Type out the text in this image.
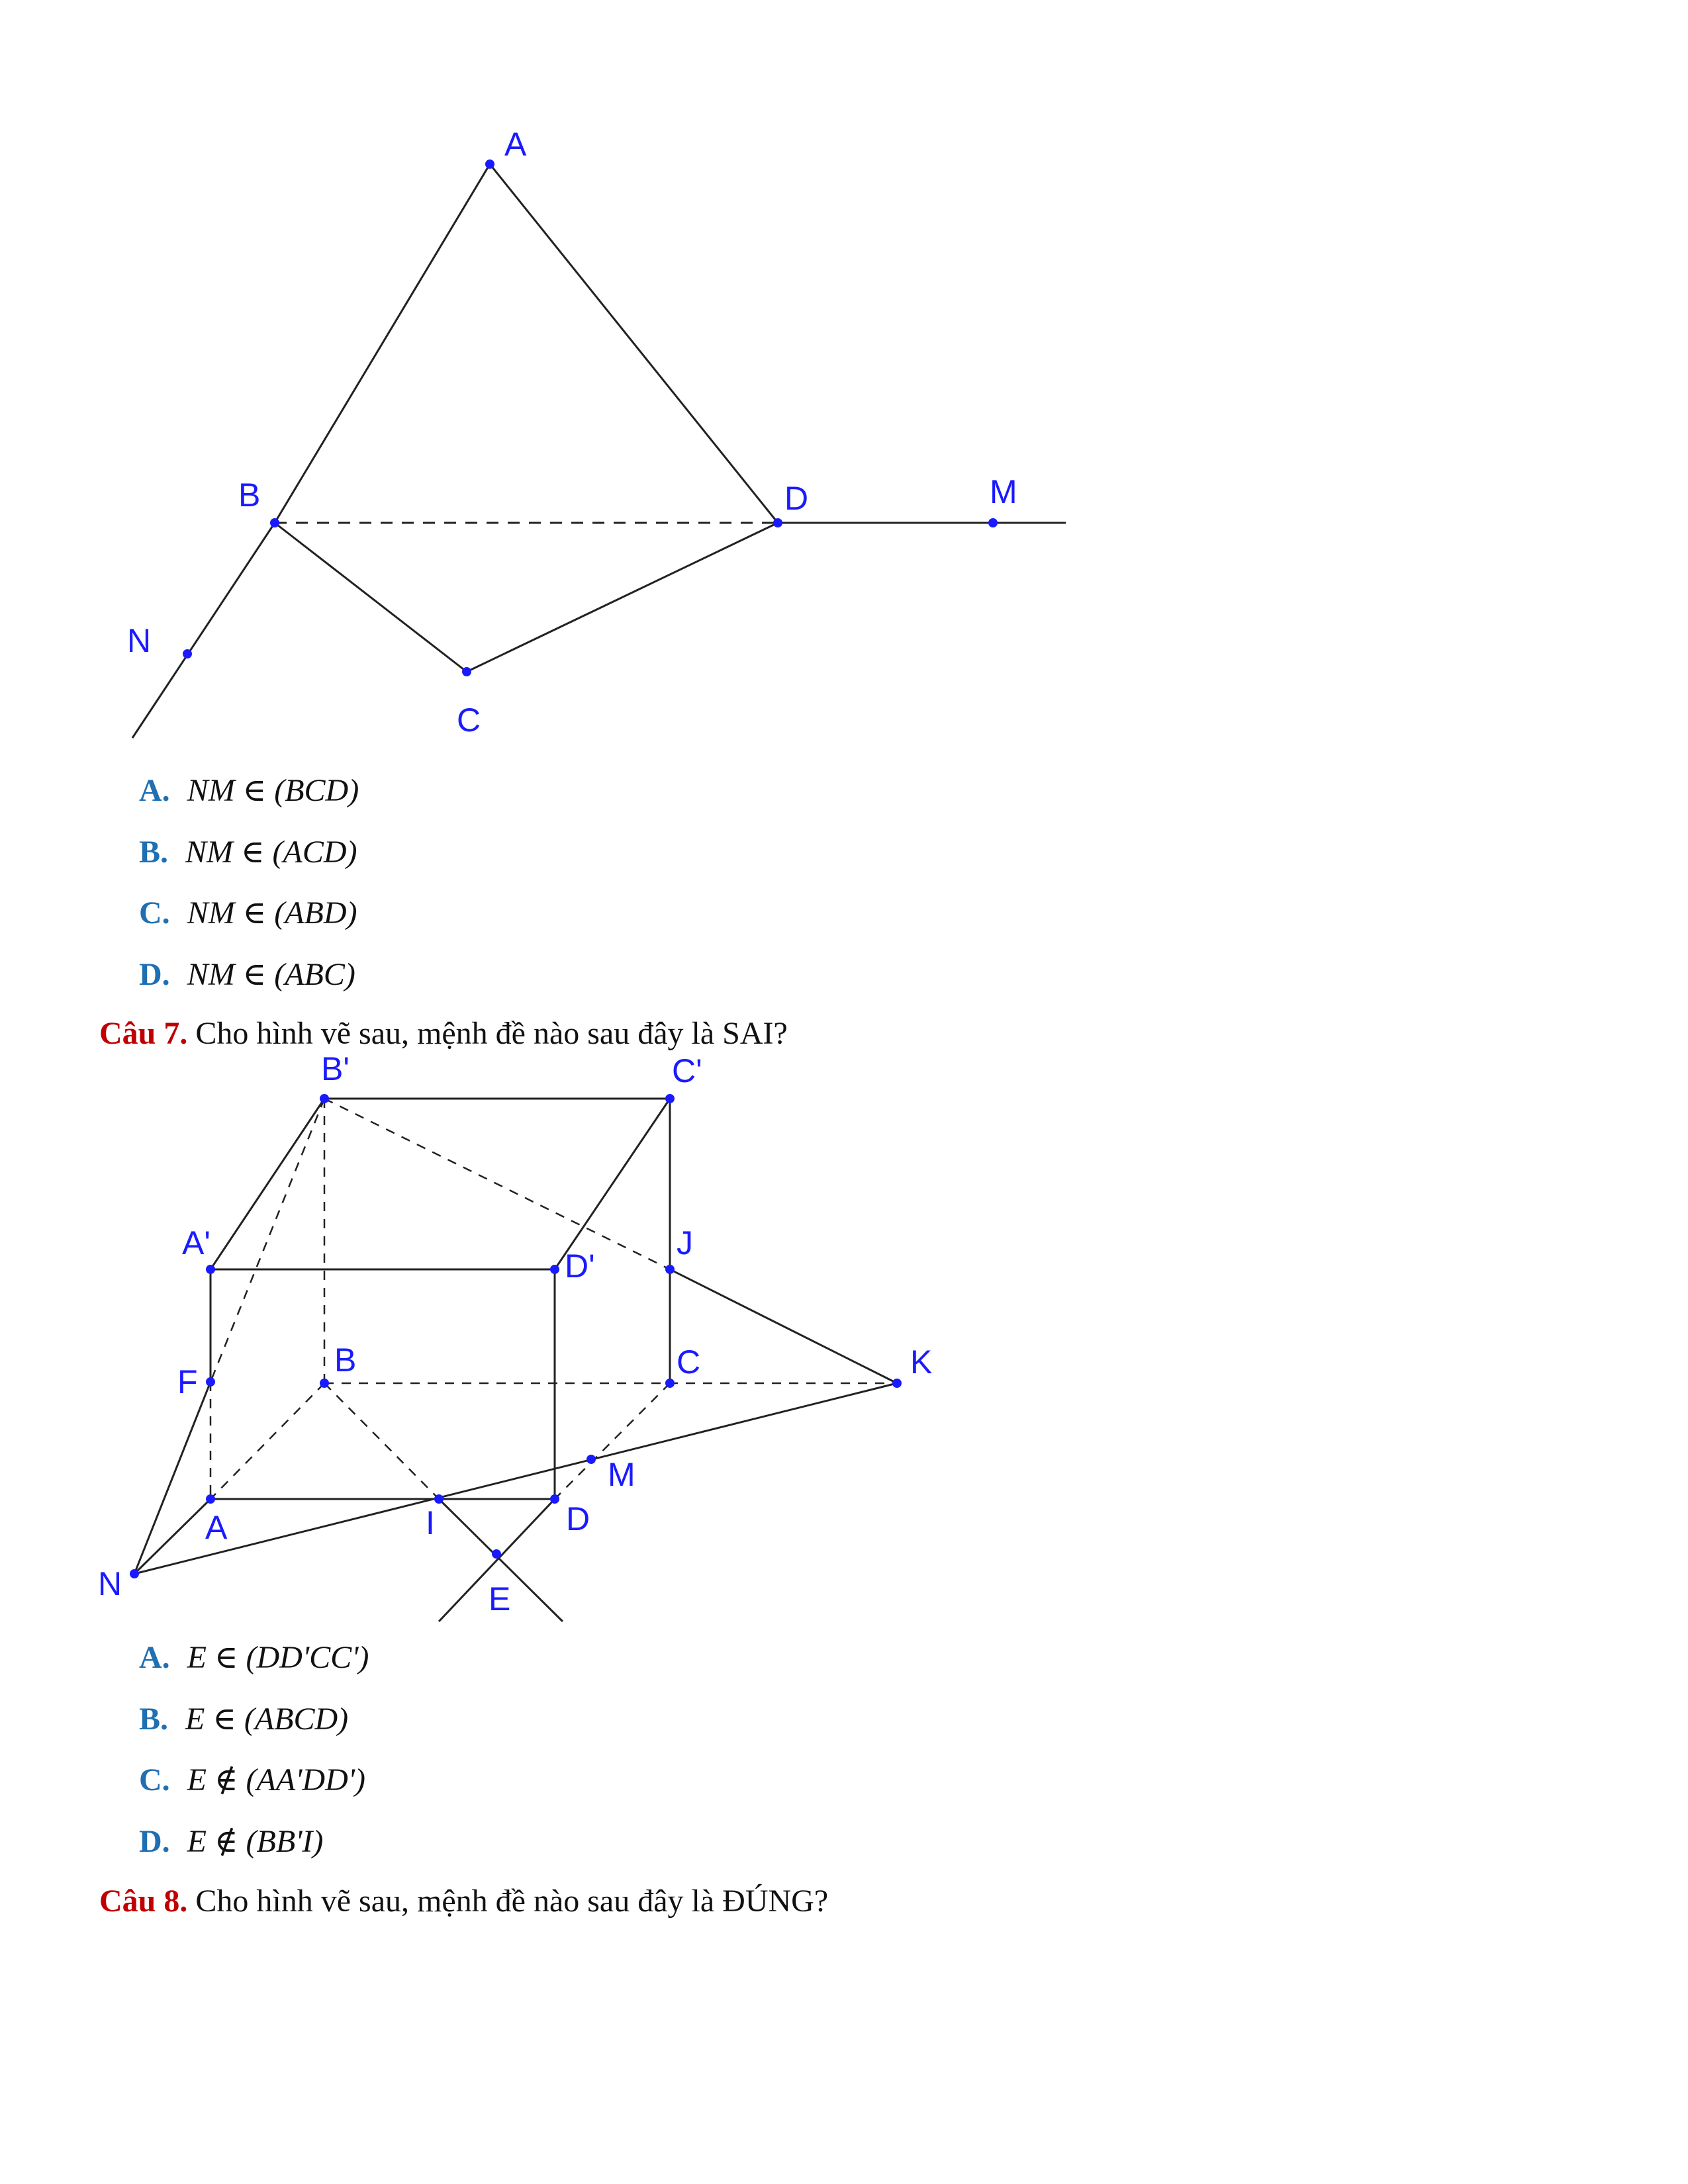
A
B
C
D	M
N
A. NM ∈ (BCD)
B. NM ∈ (ACD)
C. NM ∈ (ABD)
D. NM ∈ (ABC)
Câu 7. Cho hình vẽ sau, mệnh đề nào sau đây là SAI?
B'	C'
A'
D'
J
F
B	C	K
M
A	I	D
N	E
A. E ∈ (DD'CC')
B. E ∈ (ABCD)
C. E ∉ (AA'DD')
D. E ∉ (BB'I)
Câu 8. Cho hình vẽ sau, mệnh đề nào sau đây là ĐÚNG?
